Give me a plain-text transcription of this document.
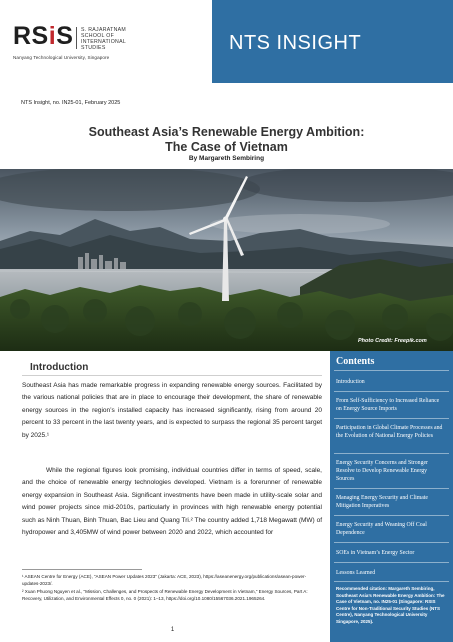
RSiS S. RAJARATNAM
SCHOOL OF
INTERNATIONAL
STUDIES
Nanyang Technological University, Singapore
NTS INSIGHT
NTS Insight, no. IN25-01, February 2025
Southeast Asia’s Renewable Energy Ambition:
The Case of Vietnam
By Margareth Sembiring
Photo Credit: Freepik.com
Introduction
Southeast Asia has made remarkable progress in expanding renewable energy sources. Facilitated by the various national policies that are in place to encourage their development, the share of renewable energy sources in the region’s installed capacity has increased significantly, rising from around 20 percent to 33 percent in the last twenty years, and is expected to surpass the regional 35 percent target by 2025.¹
While the regional figures look promising, individual countries differ in terms of speed, scale, and the choice of renewable energy technologies developed. Vietnam is a forerunner of renewable energy expansion in Southeast Asia. Significant investments have been made in utility-scale solar and wind power projects since mid-2010s, particularly in provinces with high renewable energy potential such as Ninh Thuan, Binh Thuan, Bac Lieu and Quang Tri.² The country added 1,718 Megawatt (MW) of hydropower and 3,405MW of wind power between 2020 and 2022, which accounted for
¹ ASEAN Centre for Energy (ACE), “ASEAN Power Updates 2023” (Jakarta: ACE, 2023), https://aseanenergy.org/publications/asean-power-updates-2023/.
² Xuan Phuong Nguyen et al., “Mission, Challenges, and Prospects of Renewable Energy Development in Vietnam,” Energy Sources, Part A: Recovery, Utilization, and Environmental Effects 0, no. 0 (2021): 1–13, https://doi.org/10.1080/15567036.2021.1965264.
1
Contents
Introduction
From Self-Sufficiency to Increased Reliance on Energy Source Imports
Participation in Global Climate Processes and the Evolution of National Energy Policies
Energy Security Concerns and Stronger Resolve to Develop Renewable Energy Sources
Managing Energy Security and Climate Mitigation Imperatives
Energy Security and Weaning Off Coal Dependence
SOEs in Vietnam’s Energy Sector
Lessons Learned
Recommended citation: Margareth Sembiring, Southeast Asia’s Renewable Energy Ambition: The Case of Vietnam, no. IN25-01 (Singapore: RSIS Centre for Non-Traditional Security Studies (NTS Centre), Nanyang Technological University Singapore, 2025).
